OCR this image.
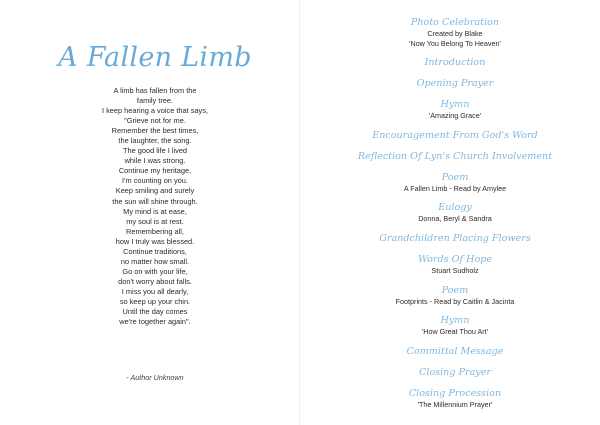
A Fallen Limb
A limb has fallen from the
family tree.
I keep hearing a voice that says,
"Grieve not for me.
Remember the best times,
the laughter, the song.
The good life I lived
while I was strong.
Continue my heritage,
I'm counting on you.
Keep smiling and surely
the sun will shine through.
My mind is at ease,
my soul is at rest.
Remembering all,
how I truly was blessed.
Continue traditions,
no matter how small.
Go on with your life,
don't worry about falls.
I miss you all dearly,
so keep up your chin.
Until the day comes
we're together again".
- Author Unknown
Photo Celebration
Created by Blake
'Now You Belong To Heaven'
Introduction
Opening Prayer
Hymn
'Amazing Grace'
Encouragement From God's Word
Reflection Of Lyn's Church Involvement
Poem
A Fallen Limb - Read by Amylee
Eulogy
Donna, Beryl & Sandra
Grandchildren Placing Flowers
Words Of Hope
Stuart Sudholz
Poem
Footprints - Read by Caitlin & Jacinta
Hymn
'How Great Thou Art'
Committal Message
Closing Prayer
Closing Procession
'The Millennium Prayer'
